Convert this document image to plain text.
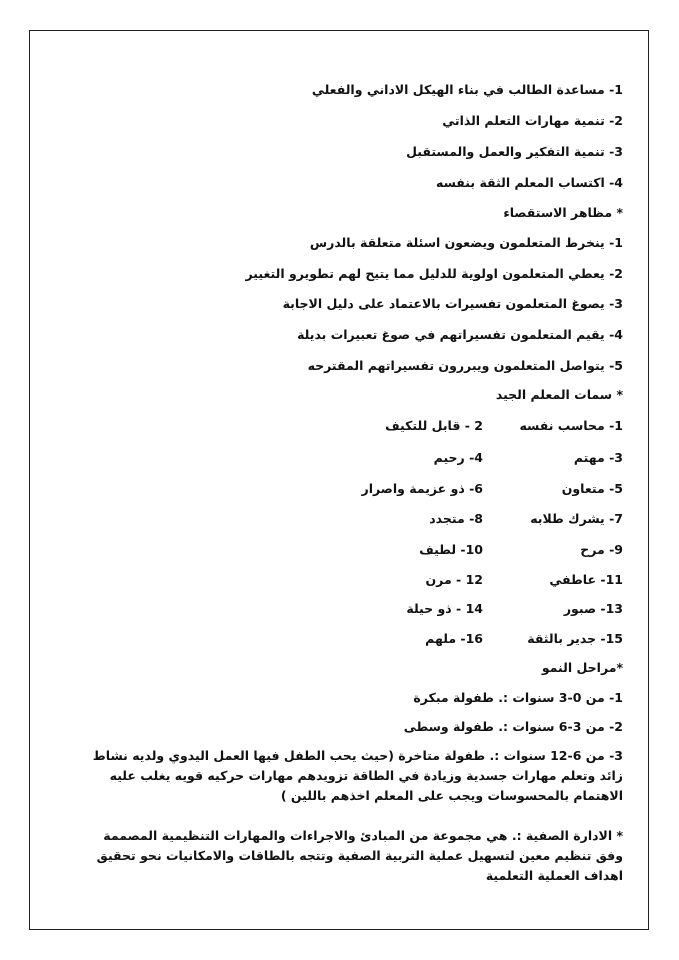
1- مساعدة الطالب في بناء الهيكل الاداني والفعلي
2- تنمية مهارات التعلم الذاتي
3- تنمية التفكير والعمل والمستقبل
4- اكتساب المعلم الثقة بنفسه
* مظاهر الاستقصاء
1- ينخرط المتعلمون ويضعون اسئلة متعلقة بالدرس
2- يعطي المتعلمون اولوية للدليل مما يتيح لهم تطويرو التغيير
3- يصوغ المتعلمون تفسيرات بالاعتماد على دليل الاجابة
4- يقيم المتعلمون تفسيراتهم في صوغ تعبيرات بديلة
5- يتواصل المتعلمون ويبررون تفسيراتهم المقترحه
* سمات المعلم الجيد
1- محاسب نفسه
2 - قابل للتكيف
3- مهتم
4- رحيم
5- متعاون
6- ذو عزيمة واصرار
7- يشرك طلابه
8- متجدد
9- مرح
10- لطيف
11- عاطفي
12 - مرن
13- صبور
14 - ذو حيلة
15- جدير بالثقة
16- ملهم
*مراحل النمو
1- من 0-3 سنوات :. طفولة مبكرة
2- من 3-6 سنوات :. طفولة وسطى
3- من 6-12 سنوات :. طفولة متاخرة (حيث يحب الطفل فيها العمل اليدوي ولديه نشاط زائد وتعلم مهارات جسدية وزيادة في الطاقة تزويدهم مهارات حركيه قويه يغلب عليه الاهتمام بالمحسوسات ويجب على المعلم اخذهم باللين )
* الادارة الصفية :. هي مجموعة من المبادئ والاجراءات والمهارات التنظيمية المصممة وفق تنظيم معين لتسهيل عملية التربية الصفية وتتجه بالطاقات والامكانيات نحو تحقيق اهداف العملية التعلمية
